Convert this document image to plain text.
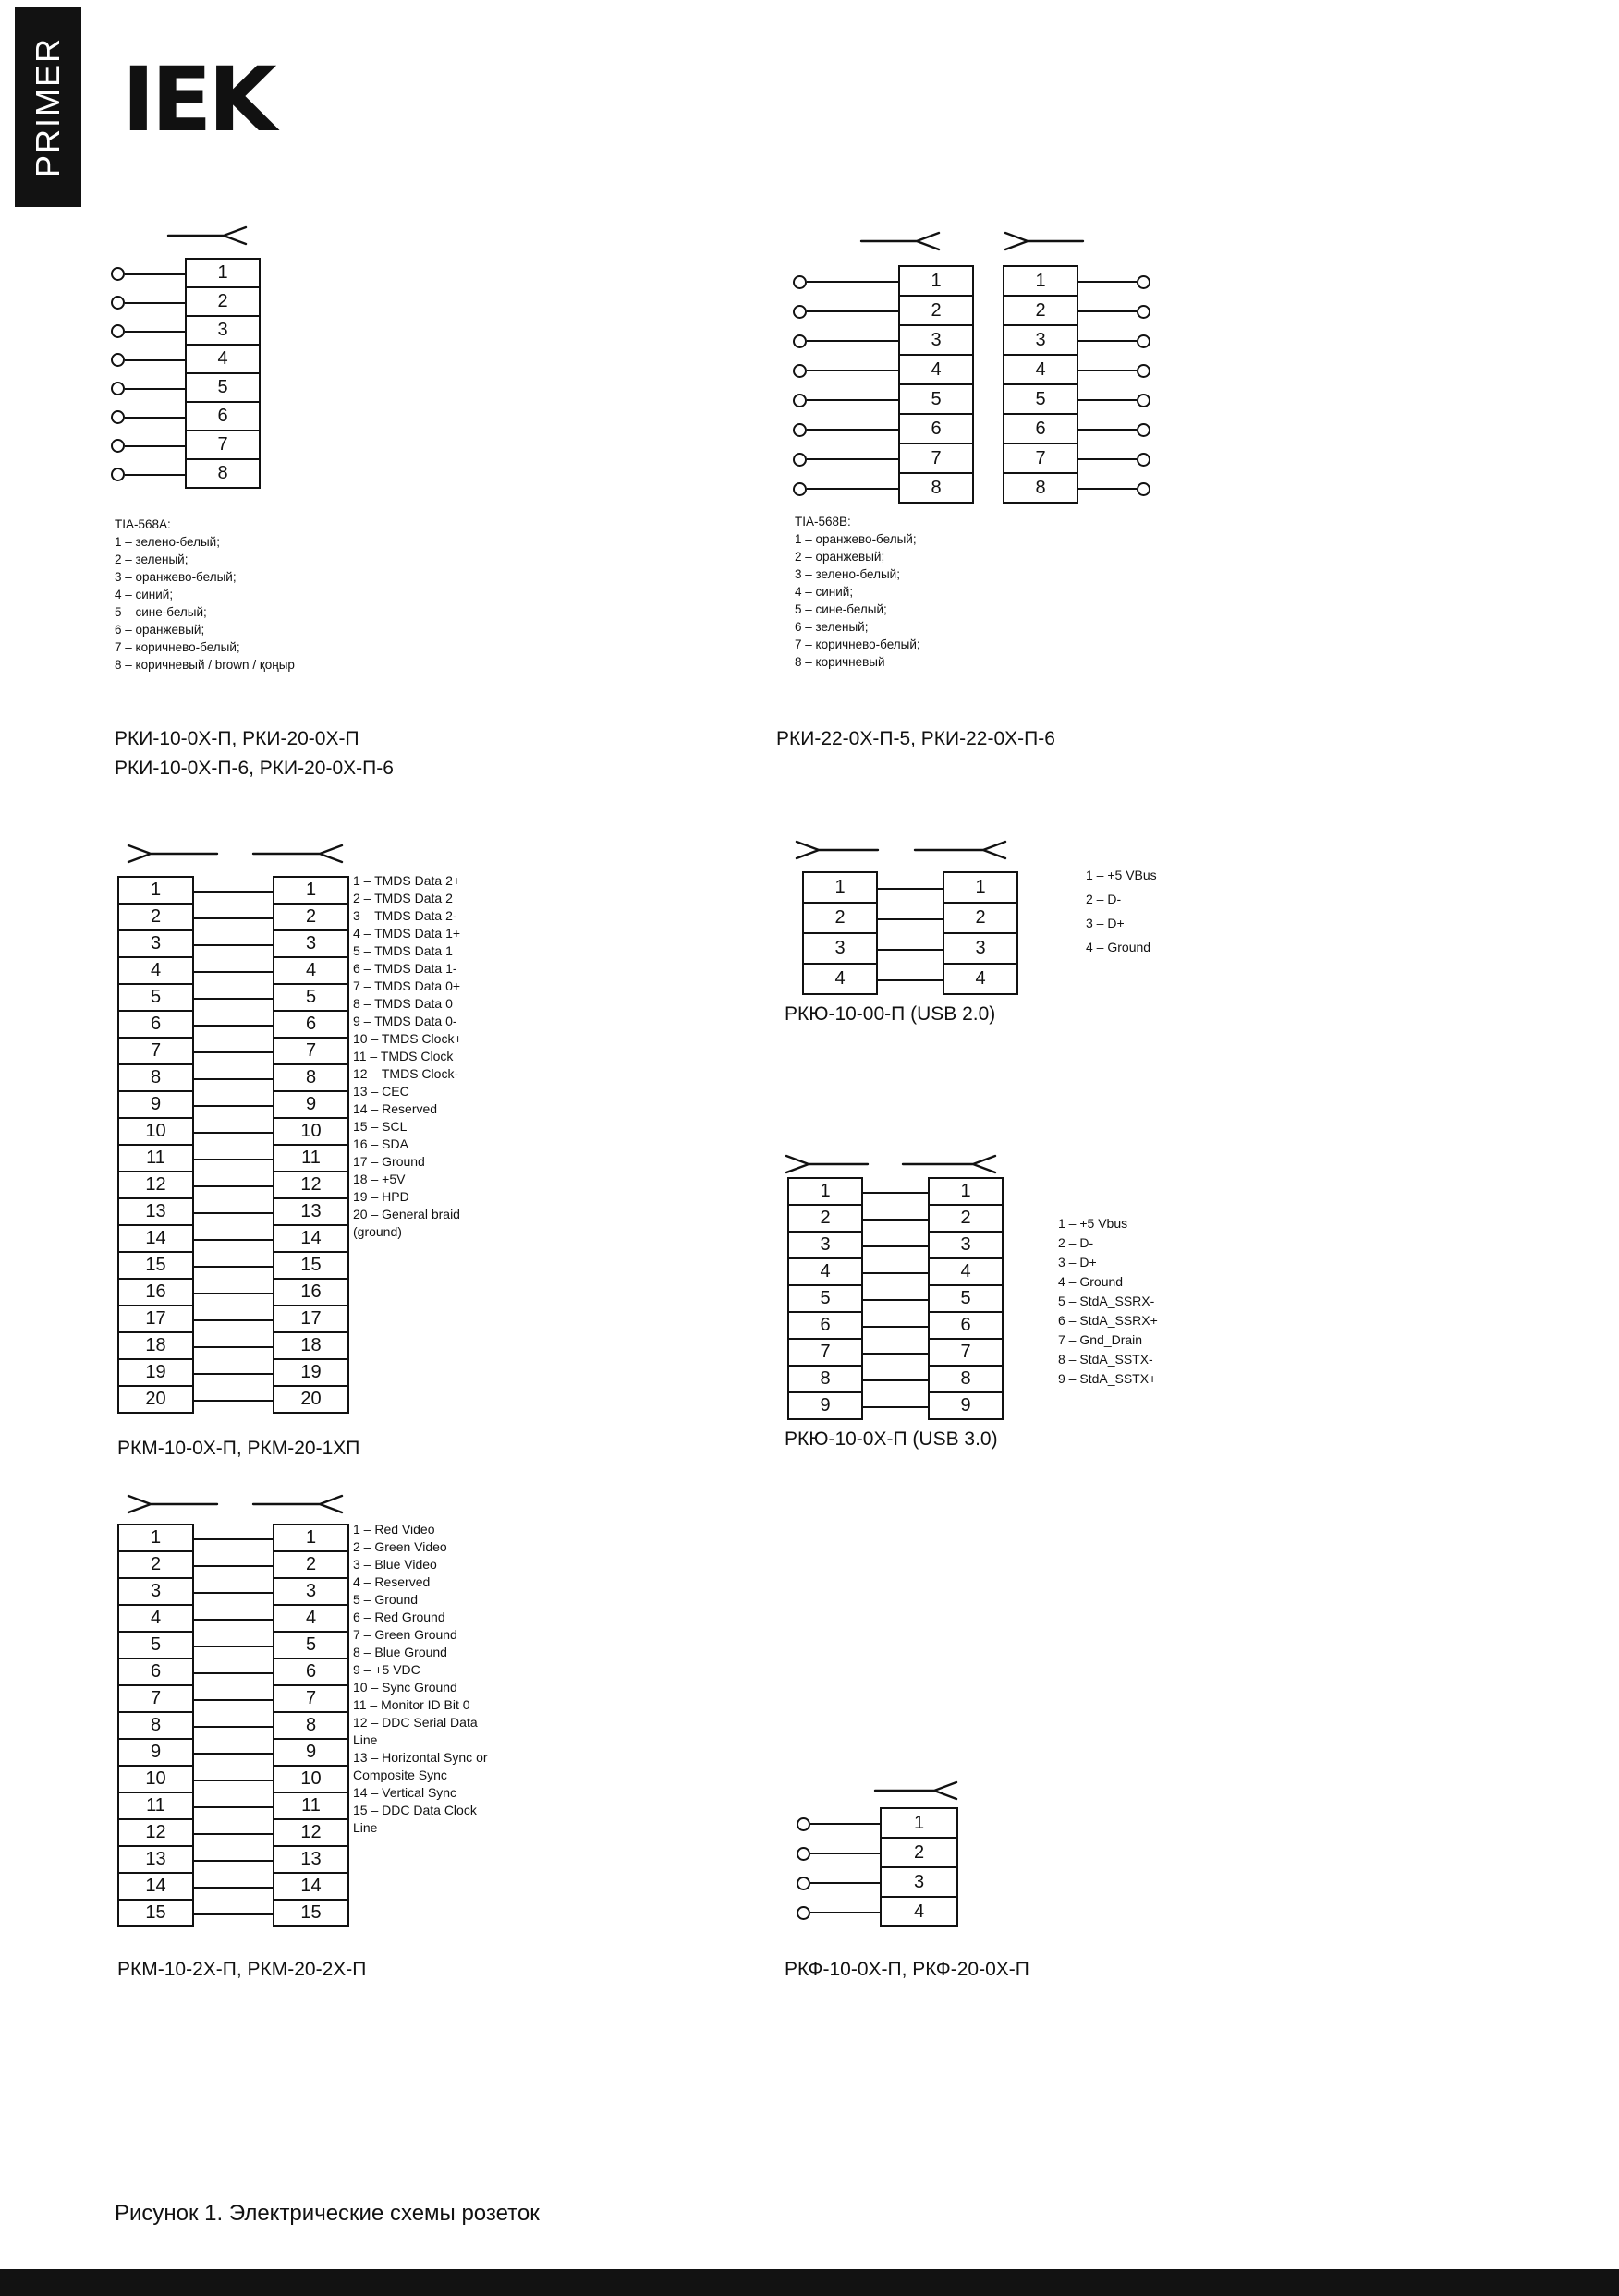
PRIMER IEK
1
2
3
4
5
6
7
8
TIA-568A:
1 – зелено-белый;
2 – зеленый;
3 – оранжево-белый;
4 – синий;
5 – сине-белый;
6 – оранжевый;
7 – коричнево-белый;
8 – коричневый / brown / қоңыр
РКИ-10-0Х-П, РКИ-20-0Х-П
РКИ-10-0Х-П-6, РКИ-20-0Х-П-6
1
2
3
4
5
6
7
8
1
2
3
4
5
6
7
8
TIA-568B:
1 – оранжево-белый;
2 – оранжевый;
3 – зелено-белый;
4 – синий;
5 – сине-белый;
6 – зеленый;
7 – коричнево-белый;
8 – коричневый
РКИ-22-0Х-П-5, РКИ-22-0Х-П-6
1
2
3
4
5
6
7
8
9
10
11
12
13
14
15
16
17
18
19
20
1
2
3
4
5
6
7
8
9
10
11
12
13
14
15
16
17
18
19
20
1 – TMDS Data 2+
2 – TMDS Data 2
3 – TMDS Data 2-
4 – TMDS Data 1+
5 – TMDS Data 1
6 – TMDS Data 1-
7 – TMDS Data 0+
8 – TMDS Data 0
9 – TMDS Data 0-
10 – TMDS Clock+
11 – TMDS Clock
12 – TMDS Clock-
13 – CEC
14 – Reserved
15 – SCL
16 – SDA
17 – Ground
18 – +5V
19 – HPD
20 – General braid
(ground)
РКМ-10-0Х-П, РКМ-20-1ХП
1
2
3
4
1
2
3
4
1 – +5 VBus
2 – D-
3 – D+
4 – Ground
РКЮ-10-00-П (USB 2.0)
1
2
3
4
5
6
7
8
9
1
2
3
4
5
6
7
8
9
1 – +5 Vbus
2 – D-
3 – D+
4 – Ground
5 – StdA_SSRX-
6 – StdA_SSRX+
7 – Gnd_Drain
8 – StdA_SSTX-
9 – StdA_SSTX+
РКЮ-10-0Х-П (USB 3.0)
1
2
3
4
5
6
7
8
9
10
11
12
13
14
15
1
2
3
4
5
6
7
8
9
10
11
12
13
14
15
1 – Red Video
2 – Green Video
3 – Blue Video
4 – Reserved
5 – Ground
6 – Red Ground
7 – Green Ground
8 – Blue Ground
9 – +5 VDC
10 – Sync Ground
11 – Monitor ID Bit 0
12 – DDC Serial Data
Line
13 – Horizontal Sync or
Composite Sync
14 – Vertical Sync
15 – DDC Data Clock
Line
РКМ-10-2Х-П, РКМ-20-2Х-П
1
2
3
4
РКФ-10-0Х-П, РКФ-20-0Х-П
Рисунок 1. Электрические схемы розеток
